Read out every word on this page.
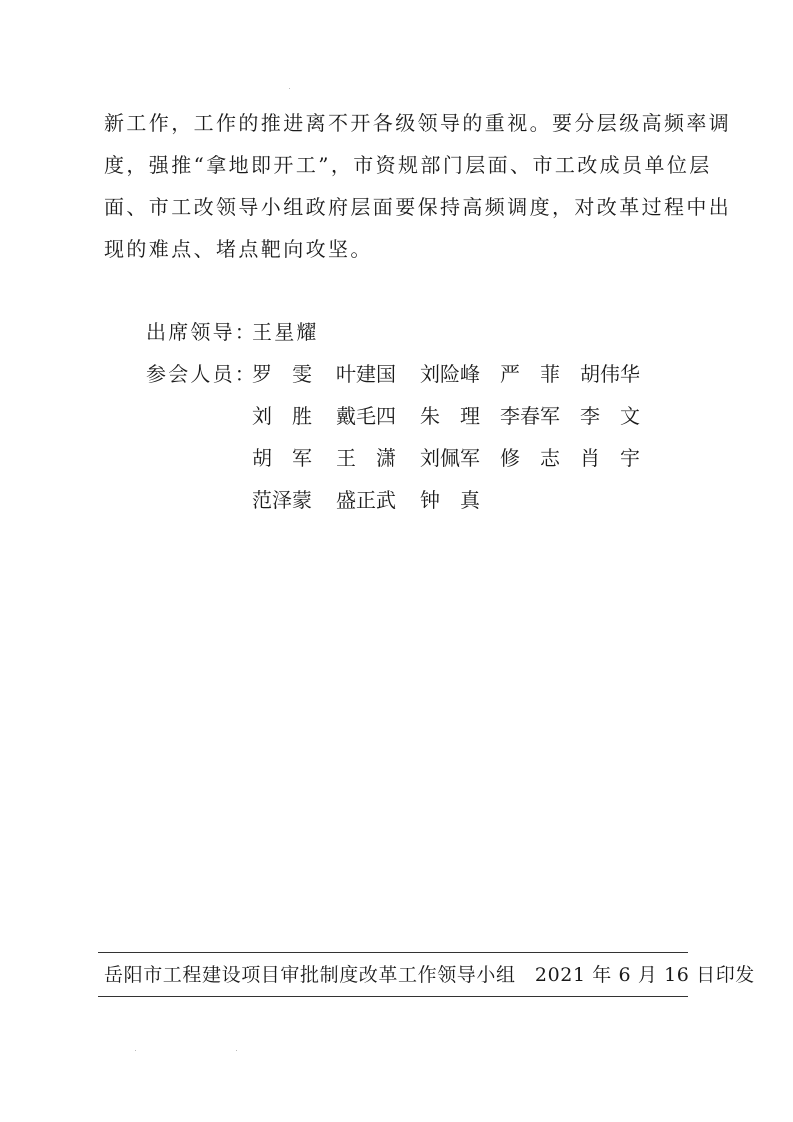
新工作，工作的推进离不开各级领导的重视。要分层级高频率调
度，强推“拿地即开工”，市资规部门层面、市工改成员单位层
面、市工改领导小组政府层面要保持高频调度，对改革过程中出
现的难点、堵点靶向攻坚。
出席领导：
王星耀
参会人员：
罗　雯 叶建国 刘险峰 严　菲 胡伟华
刘　胜 戴毛四 朱　理 李春军 李　文
胡　军 王　潇 刘佩军 修　志 肖　宇
范泽蒙 盛正武 钟　真
岳阳市工程建设项目审批制度改革工作领导小组 2021 年 6 月 16 日印发
